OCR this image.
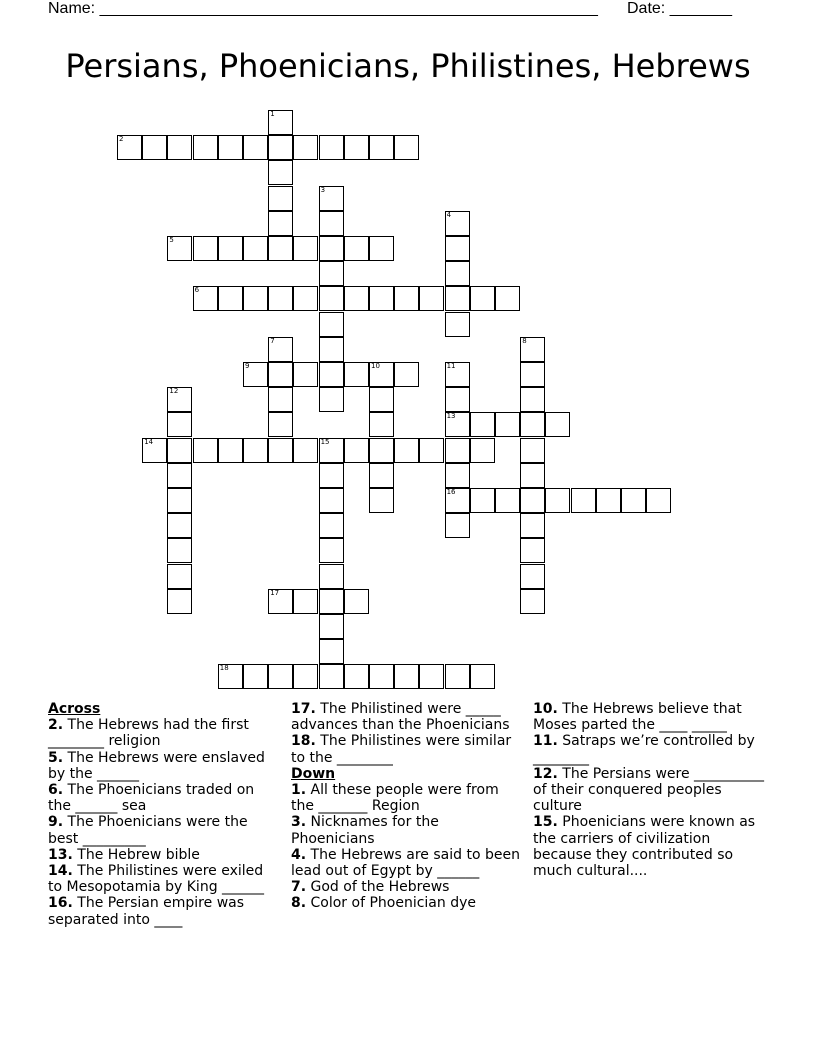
Name: ________________________________________________________ Date: _______
Persians, Phoenicians, Philistines, Hebrews
1
2
3
4
5
6
7	8
9	10	11
13
16
12
14	15
17
18
Across
2. The Hebrews had the first ________ religion
5. The Hebrews were enslaved by the ______
6. The Phoenicians traded on the ______ sea
9. The Phoenicians were the best _________
13. The Hebrew bible
14. The Philistines were exiled to Mesopotamia by King ______
16. The Persian empire was separated into ____
17. The Philistined were _____ advances than the Phoenicians
18. The Philistines were similar to the ________
Down
1. All these people were from the _______ Region
3. Nicknames for the Phoenicians
4. The Hebrews are said to been lead out of Egypt by ______
7. God of the Hebrews
8. Color of Phoenician dye
10. The Hebrews believe that Moses parted the ____ _____
11. Satraps we’re controlled by ________
12. The Persians were __________ of their conquered peoples culture
15. Phoenicians were known as the carriers of civilization because they contributed so much cultural....
